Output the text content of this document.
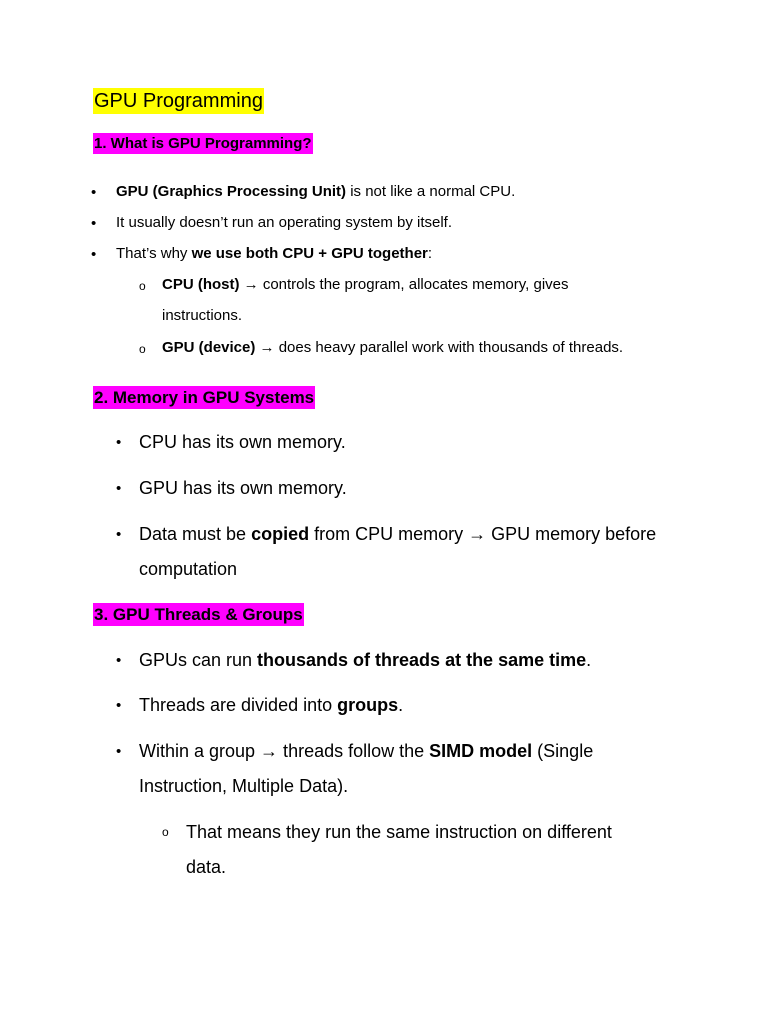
GPU Programming
1. What is GPU Programming?
• GPU (Graphics Processing Unit) is not like a normal CPU.
• It usually doesn’t run an operating system by itself.
• That’s why we use both CPU + GPU together:
o CPU (host) → controls the program, allocates memory, gives
instructions.
o GPU (device) → does heavy parallel work with thousands of threads.
2. Memory in GPU Systems
• CPU has its own memory.
• GPU has its own memory.
• Data must be copied from CPU memory → GPU memory before
computation
3. GPU Threads & Groups
• GPUs can run thousands of threads at the same time.
• Threads are divided into groups.
• Within a group → threads follow the SIMD model (Single
Instruction, Multiple Data).
o That means they run the same instruction on different
data.
